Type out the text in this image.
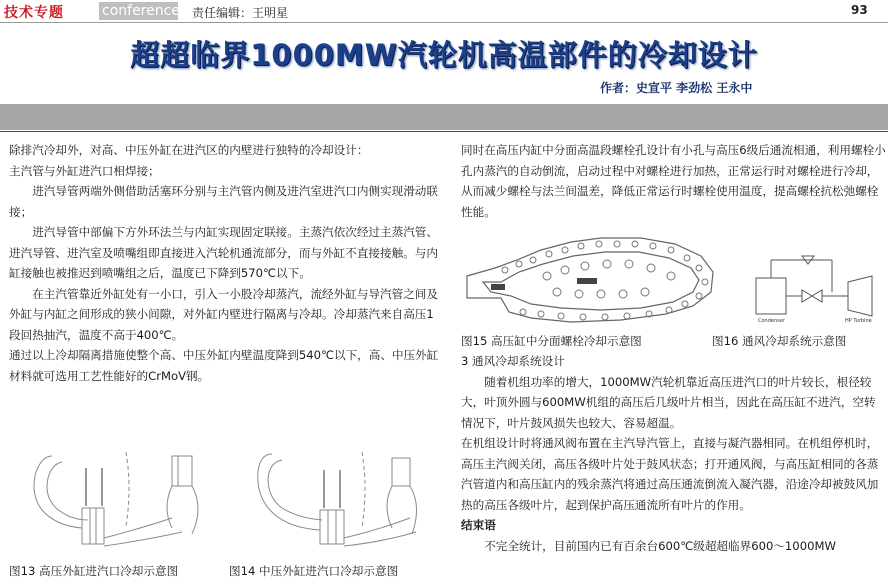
技术专题	conference 责任编辑：王明星	93
超超临界1000MW汽轮机高温部件的冷却设计
作者：史宣平 李劲松 王永中

除排汽冷却外，对高、中压外缸在进汽区的内壁进行独特的冷却设计：

主汽管与外缸进汽口相焊接；

进汽导管两端外侧借助活塞环分别与主汽管内侧及进汽室进汽口内侧实现滑动联接；

进汽导管中部偏下方外环法兰与内缸实现固定联接。主蒸汽依次经过主蒸汽管、进汽导管、进汽室及喷嘴组即直接进入汽轮机通流部分，而与外缸不直接接触。与内缸接触也被推迟到喷嘴组之后，温度已下降到570℃以下。

在主汽管靠近外缸处有一小口，引入一小股冷却蒸汽，流经外缸与导汽管之间及外缸与内缸之间形成的狭小间隙，对外缸内壁进行隔离与冷却。冷却蒸汽来自高压1段回热抽汽，温度不高于400℃。

通过以上冷却隔离措施使整个高、中压外缸内壁温度降到540℃以下，高、中压外缸材料就可选用工艺性能好的CrMoV钢。

同时在高压内缸中分面高温段螺栓孔设计有小孔与高压6级后通流相通，利用螺栓小孔内蒸汽的自动倒流，启动过程中对螺栓进行加热，正常运行时对螺栓进行冷却，从而减少螺栓与法兰间温差，降低正常运行时螺栓使用温度，提高螺栓抗松弛螺栓性能。

图13 高压外缸进汽口冷却示意图	图14 中压外缸进汽口冷却示意图
图15 高压缸中分面螺栓冷却示意图
Condenser	HP Turbine
图16 通风冷却系统示意图

3 通风冷却系统设计

随着机组功率的增大，1000MW汽轮机靠近高压进汽口的叶片较长，根径较大，叶顶外圆与600MW机组的高压后几级叶片相当，因此在高压缸不进汽，空转情况下，叶片鼓风损失也较大、容易超温。

在机组设计时将通风阀布置在主汽导汽管上，直接与凝汽器相同。在机组停机时，高压主汽阀关闭，高压各级叶片处于鼓风状态；打开通风阀，与高压缸相同的各蒸汽管道内和高压缸内的残余蒸汽将通过高压通流倒流入凝汽器，沿途冷却被鼓风加热的高压各级叶片，起到保护高压通流所有叶片的作用。

结束语

不完全统计，目前国内已有百余台600℃级超超临界600～1000MW
